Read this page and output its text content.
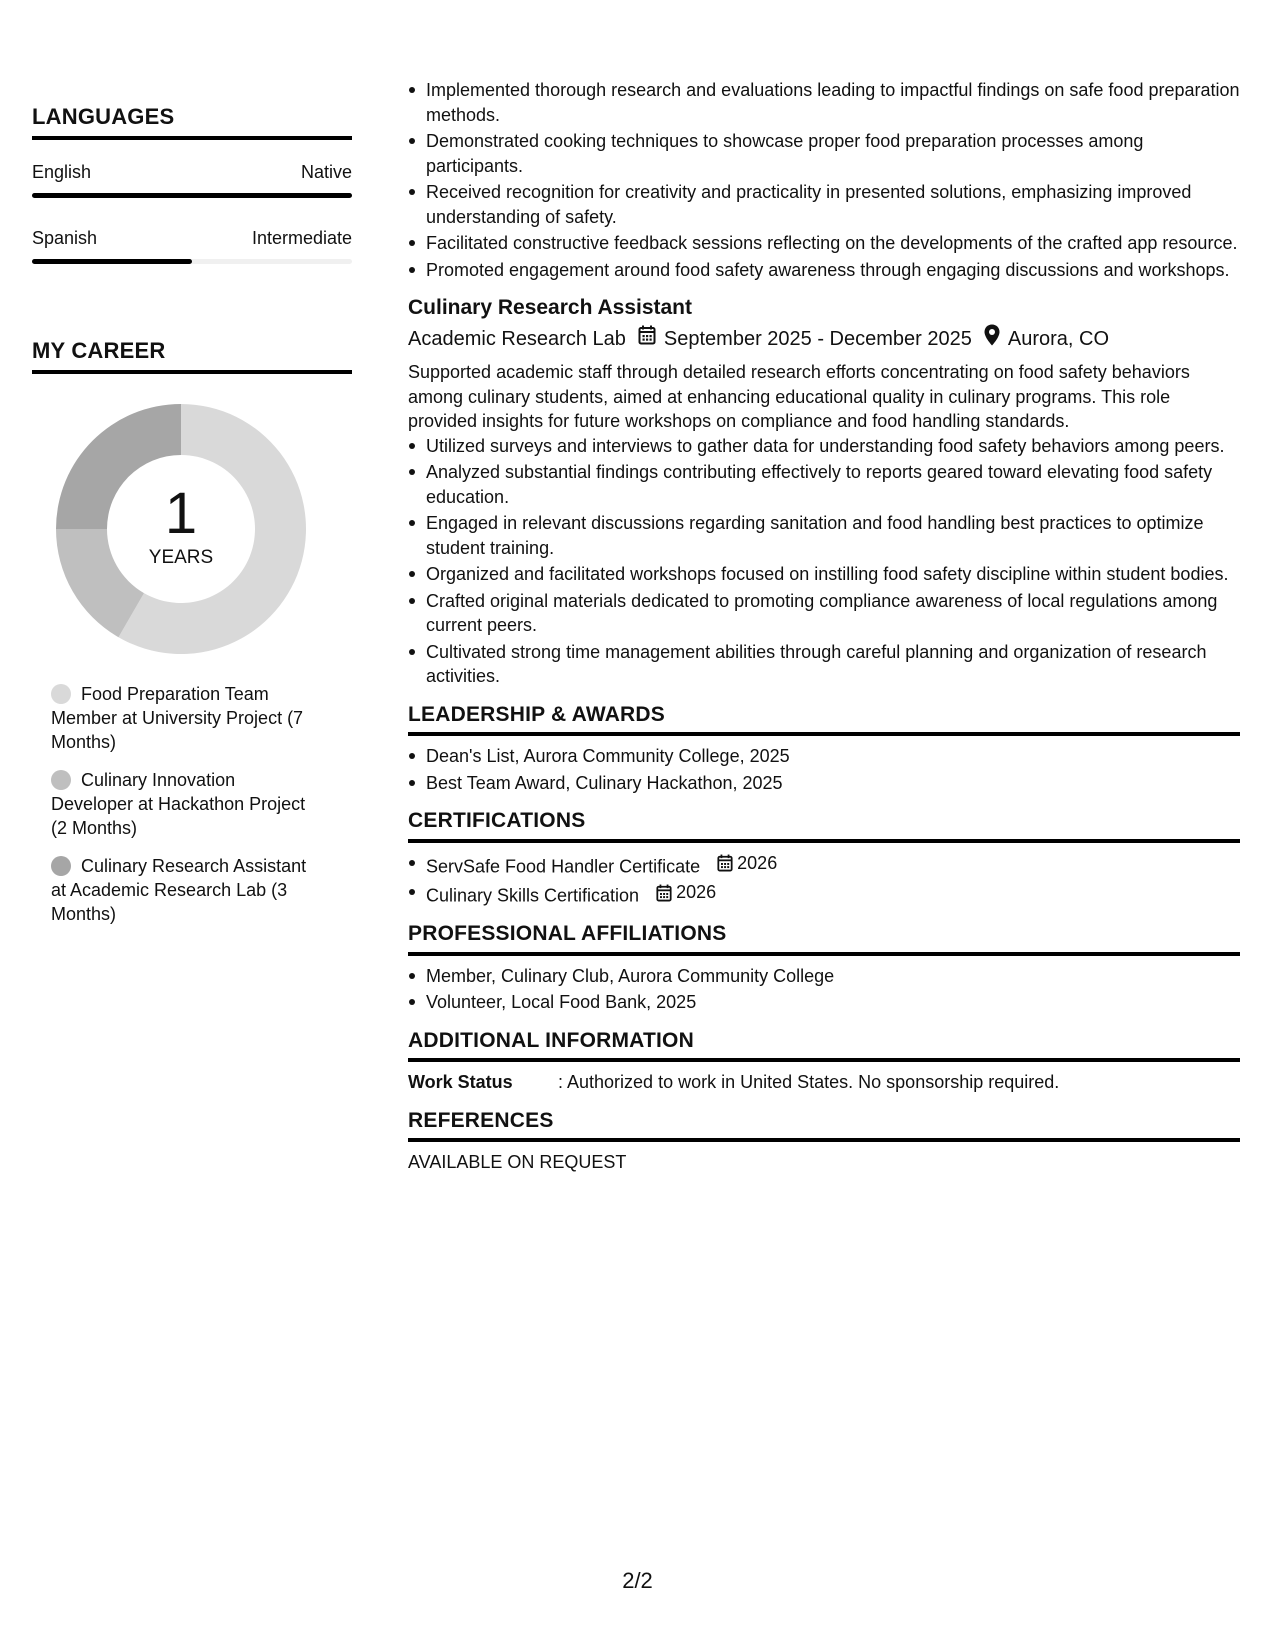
LANGUAGES
English	Native
Spanish	Intermediate
MY CAREER
1
YEARS
Food Preparation Team Member at University Project (7 Months)
Culinary Innovation Developer at Hackathon Project (2 Months)
Culinary Research Assistant at Academic Research Lab (3 Months)
Implemented thorough research and evaluations leading to impactful findings on safe food preparation methods.
Demonstrated cooking techniques to showcase proper food preparation processes among participants.
Received recognition for creativity and practicality in presented solutions, emphasizing improved understanding of safety.
Facilitated constructive feedback sessions reflecting on the developments of the crafted app resource.
Promoted engagement around food safety awareness through engaging discussions and workshops.
Culinary Research Assistant
Academic Research Lab September 2025 - December 2025 Aurora, CO
Supported academic staff through detailed research efforts concentrating on food safety behaviors among culinary students, aimed at enhancing educational quality in culinary programs. This role provided insights for future workshops on compliance and food handling standards.
Utilized surveys and interviews to gather data for understanding food safety behaviors among peers.
Analyzed substantial findings contributing effectively to reports geared toward elevating food safety education.
Engaged in relevant discussions regarding sanitation and food handling best practices to optimize student training.
Organized and facilitated workshops focused on instilling food safety discipline within student bodies.
Crafted original materials dedicated to promoting compliance awareness of local regulations among current peers.
Cultivated strong time management abilities through careful planning and organization of research activities.
LEADERSHIP & AWARDS
Dean's List, Aurora Community College, 2025
Best Team Award, Culinary Hackathon, 2025
CERTIFICATIONS
ServSafe Food Handler Certificate 2026
Culinary Skills Certification 2026
PROFESSIONAL AFFILIATIONS
Member, Culinary Club, Aurora Community College
Volunteer, Local Food Bank, 2025
ADDITIONAL INFORMATION
Work Status	: Authorized to work in United States. No sponsorship required.
REFERENCES
AVAILABLE ON REQUEST
2/2
